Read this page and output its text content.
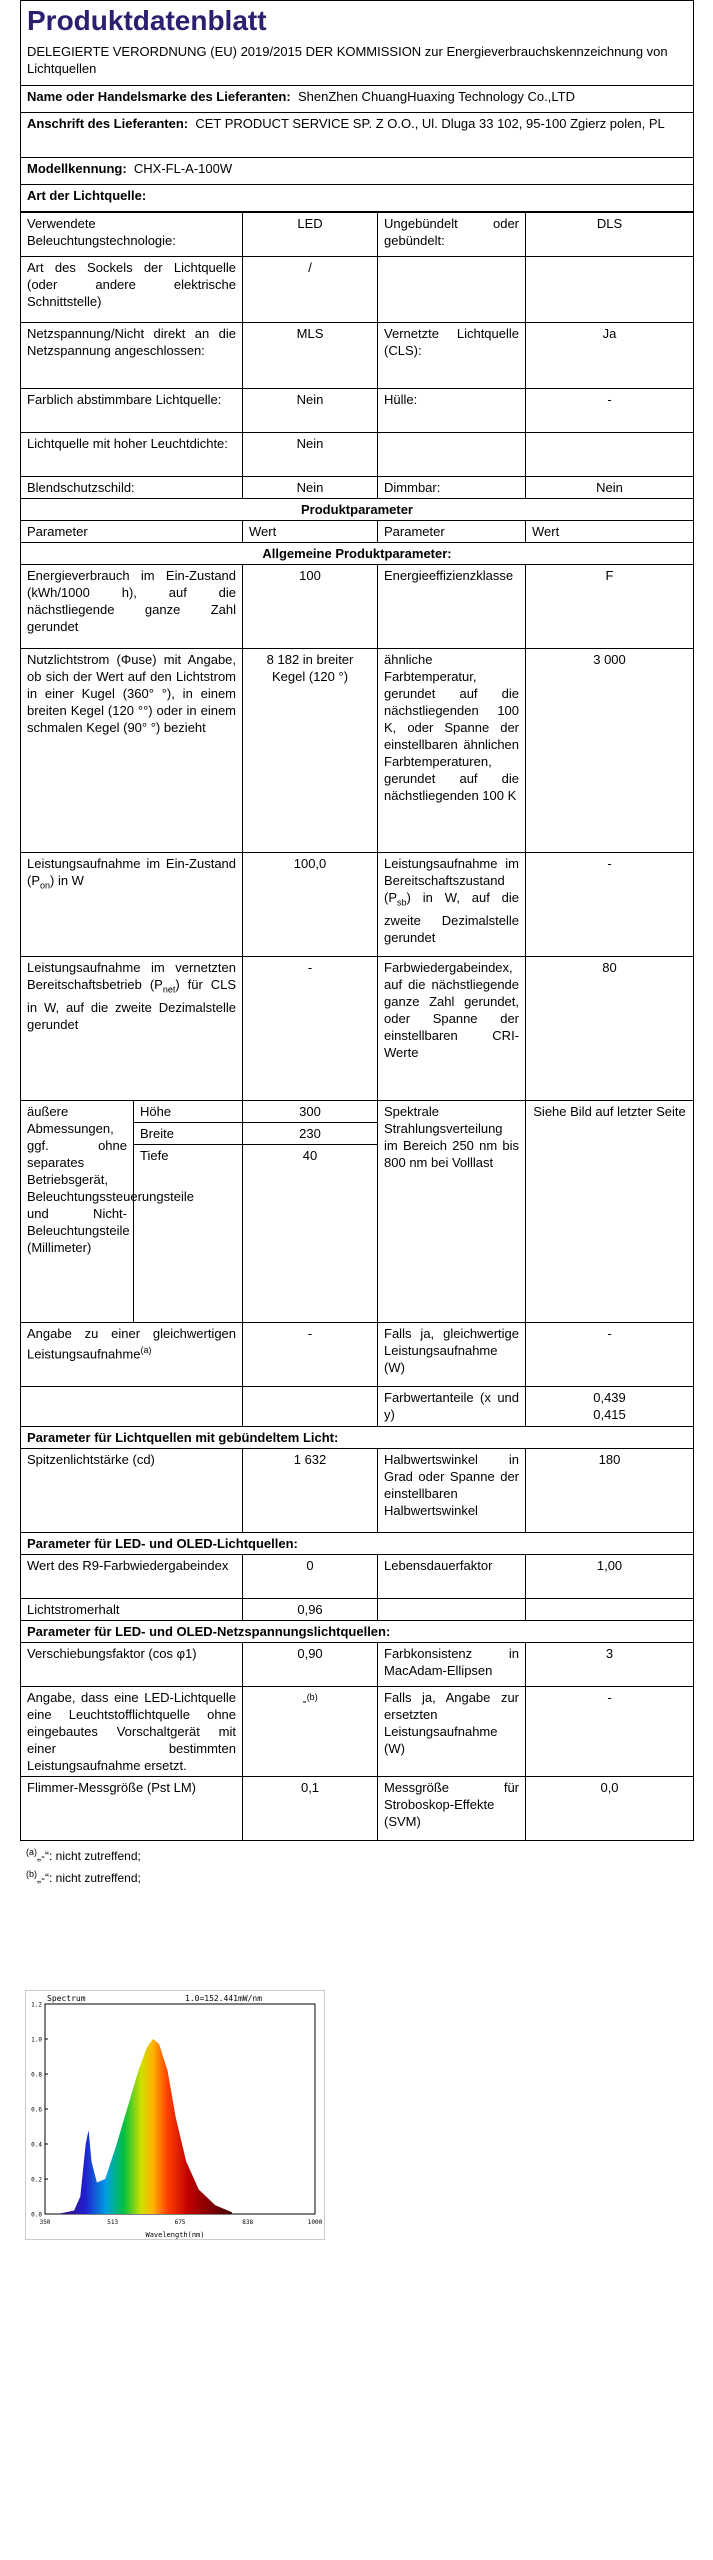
Produktdatenblatt
DELEGIERTE VERORDNUNG (EU) 2019/2015 DER KOMMISSION zur Energieverbrauchskennzeichnung von Lichtquellen
Name oder Handelsmarke des Lieferanten: ShenZhen ChuangHuaxing Technology Co.,LTD
Anschrift des Lieferanten: CET PRODUCT SERVICE SP. Z O.O., Ul. Dluga 33 102, 95-100 Zgierz polen, PL
Modellkennung: CHX-FL-A-100W
Art der Lichtquelle:
Verwendete Beleuchtungstechnologie:		LED	Ungebündelt oder gebündelt:	DLS
Art des Sockels der Lichtquelle (oder andere elektrische Schnittstelle)		/		
Netzspannung/Nicht direkt an die Netzspannung angeschlossen:		MLS	Vernetzte Lichtquelle (CLS):	Ja
Farblich abstimmbare Lichtquelle:		Nein	Hülle:	-
Lichtquelle mit hoher Leuchtdichte:		Nein		
Blendschutzschild:		Nein	Dimmbar:	Nein
Produktparameter				
Parameter		Wert	Parameter	Wert
Allgemeine Produktparameter:				
Energieverbrauch im Ein-Zustand (kWh/1000 h), auf die nächstliegende ganze Zahl gerundet		100	Energieeffizienzklasse	F
Nutzlichtstrom (Φuse) mit Angabe, ob sich der Wert auf den Lichtstrom in einer Kugel (360° °), in einem breiten Kegel (120 °°) oder in einem schmalen Kegel (90° °) bezieht		8 182 in breiter Kegel (120 °)	ähnliche Farbtemperatur, gerundet auf die nächstliegenden 100 K, oder Spanne der einstellbaren ähnlichen Farbtemperaturen, gerundet auf die nächstliegenden 100 K	3 000
Leistungsaufnahme im Ein-Zustand $(P_{on})$ in W		100,0	Leistungsaufnahme im Bereitschaftszustand $(P_{sb})$ in W, auf die zweite Dezimalstelle gerundet	-
Leistungsaufnahme im vernetzten Bereitschaftsbetrieb $(P_{net})$ für CLS in W, auf die zweite Dezimalstelle gerundet		-	Farbwiedergabeindex, auf die nächstliegende ganze Zahl gerundet, oder Spanne der einstellbaren CRI-Werte	80
äußere Abmessungen, ggf. ohne separates Betriebsgerät, Beleuchtungssteuerungsteile und Nicht-Beleuchtungsteile (Millimeter)	Höhe	300	Spektrale Strahlungsverteilung im Bereich 250 nm bis 800 nm bei Volllast	Siehe Bild auf letzter Seite
	Breite	230		
	Tiefe	40		
Angabe zu einer gleichwertigen Leistungsaufnahme$^{(a)}$		-	Falls ja, gleichwertige Leistungsaufnahme (W)	-
			Farbwertanteile (x und y)	0,439
0,415
Parameter für Lichtquellen mit gebündeltem Licht:				
Spitzenlichtstärke (cd)		1 632	Halbwertswinkel in Grad oder Spanne der einstellbaren Halbwertswinkel	180
Parameter für LED- und OLED-Lichtquellen:				
Wert des R9-Farbwiedergabeindex		0	Lebensdauerfaktor	1,00
Lichtstromerhalt		0,96		
Parameter für LED- und OLED-Netzspannungslichtquellen:				
Verschiebungsfaktor (cos φ1)		0,90	Farbkonsistenz in MacAdam-Ellipsen	3
Angabe, dass eine LED-Lichtquelle eine Leuchtstofflichtquelle ohne eingebautes Vorschaltgerät mit einer bestimmten Leistungsaufnahme ersetzt.		-$^{(b)}$	Falls ja, Angabe zur ersetzten Leistungsaufnahme (W)	-
Flimmer-Messgröße (Pst LM)		0,1	Messgröße für Stroboskop-Effekte (SVM)	0,0
$^{(a)}$„-“: nicht zutreffend;
$^{(b)}$„-“: nicht zutreffend;
Spectrum	1.0=152.441mW/nm
0.0
0.2
0.4
0.6
0.8
1.0
1.2
350	513	675	838	1000
Wavelength(nm)
